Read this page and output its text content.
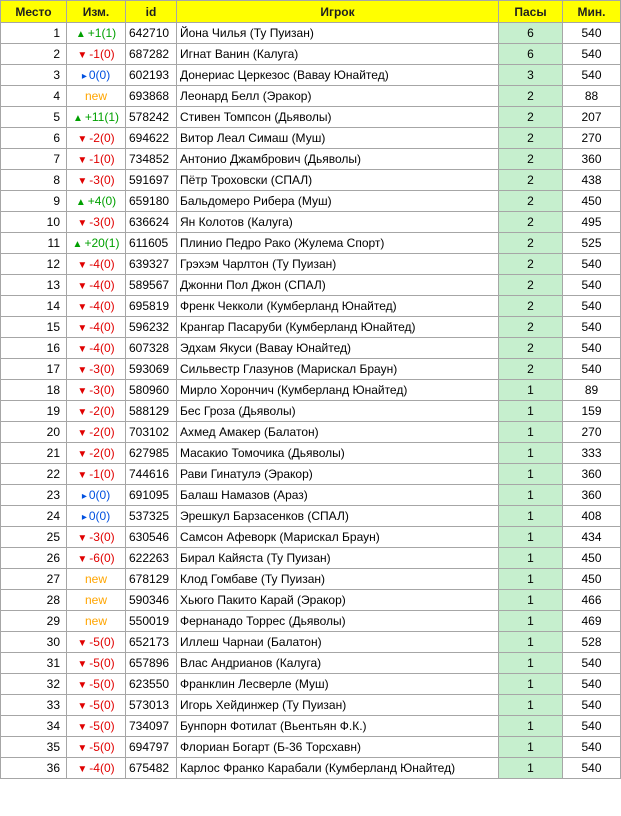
Место	Изм.	id	Игрок	Пасы	Мин.
1	▲ +1(1)	642710	Йона Чилья (Ту Пуизан)	6	540
2	▼ -1(0)	687282	Игнат Ванин (Калуга)	6	540
3	▸ 0(0)	602193	Донериас Церкезос (Вавау Юнайтед)	3	540
4	new	693868	Леонард Белл (Эракор)	2	88
5	▲ +11(1)	578242	Стивен Томпсон (Дьяволы)	2	207
6	▼ -2(0)	694622	Витор Леал Симаш (Муш)	2	270
7	▼ -1(0)	734852	Антонио Джамбрович (Дьяволы)	2	360
8	▼ -3(0)	591697	Пётр Троховски (СПАЛ)	2	438
9	▲ +4(0)	659180	Бальдомеро Рибера (Муш)	2	450
10	▼ -3(0)	636624	Ян Колотов (Калуга)	2	495
11	▲ +20(1)	611605	Плинио Педро Рако (Жулема Спорт)	2	525
12	▼ -4(0)	639327	Грэхэм Чарлтон (Ту Пуизан)	2	540
13	▼ -4(0)	589567	Джонни Пол Джон (СПАЛ)	2	540
14	▼ -4(0)	695819	Френк Чекколи (Кумберланд Юнайтед)	2	540
15	▼ -4(0)	596232	Крангар Пасаруби (Кумберланд Юнайтед)	2	540
16	▼ -4(0)	607328	Эдхам Якуси (Вавау Юнайтед)	2	540
17	▼ -3(0)	593069	Сильвестр Глазунов (Марискал Браун)	2	540
18	▼ -3(0)	580960	Мирло Хорончич (Кумберланд Юнайтед)	1	89
19	▼ -2(0)	588129	Бес Гроза (Дьяволы)	1	159
20	▼ -2(0)	703102	Ахмед Амакер (Балатон)	1	270
21	▼ -2(0)	627985	Масакио Томочика (Дьяволы)	1	333
22	▼ -1(0)	744616	Рави Гинатулэ (Эракор)	1	360
23	▸ 0(0)	691095	Балаш Намазов (Араз)	1	360
24	▸ 0(0)	537325	Эрешкул Барзасенков (СПАЛ)	1	408
25	▼ -3(0)	630546	Самсон Афеворк (Марискал Браун)	1	434
26	▼ -6(0)	622263	Бирал Кайяста (Ту Пуизан)	1	450
27	new	678129	Клод Гомбаве (Ту Пуизан)	1	450
28	new	590346	Хьюго Пакито Карай (Эракор)	1	466
29	new	550019	Фернанадо Торрес (Дьяволы)	1	469
30	▼ -5(0)	652173	Иллеш Чарнаи (Балатон)	1	528
31	▼ -5(0)	657896	Влас Андрианов (Калуга)	1	540
32	▼ -5(0)	623550	Франклин Лесверле (Муш)	1	540
33	▼ -5(0)	573013	Игорь Хейдинжер (Ту Пуизан)	1	540
34	▼ -5(0)	734097	Бунпорн Фотилат (Вьентьян Ф.К.)	1	540
35	▼ -5(0)	694797	Флориан Богарт (Б-36 Торсхавн)	1	540
36	▼ -4(0)	675482	Карлос Франко Карабали (Кумберланд Юнайтед)	1	540
